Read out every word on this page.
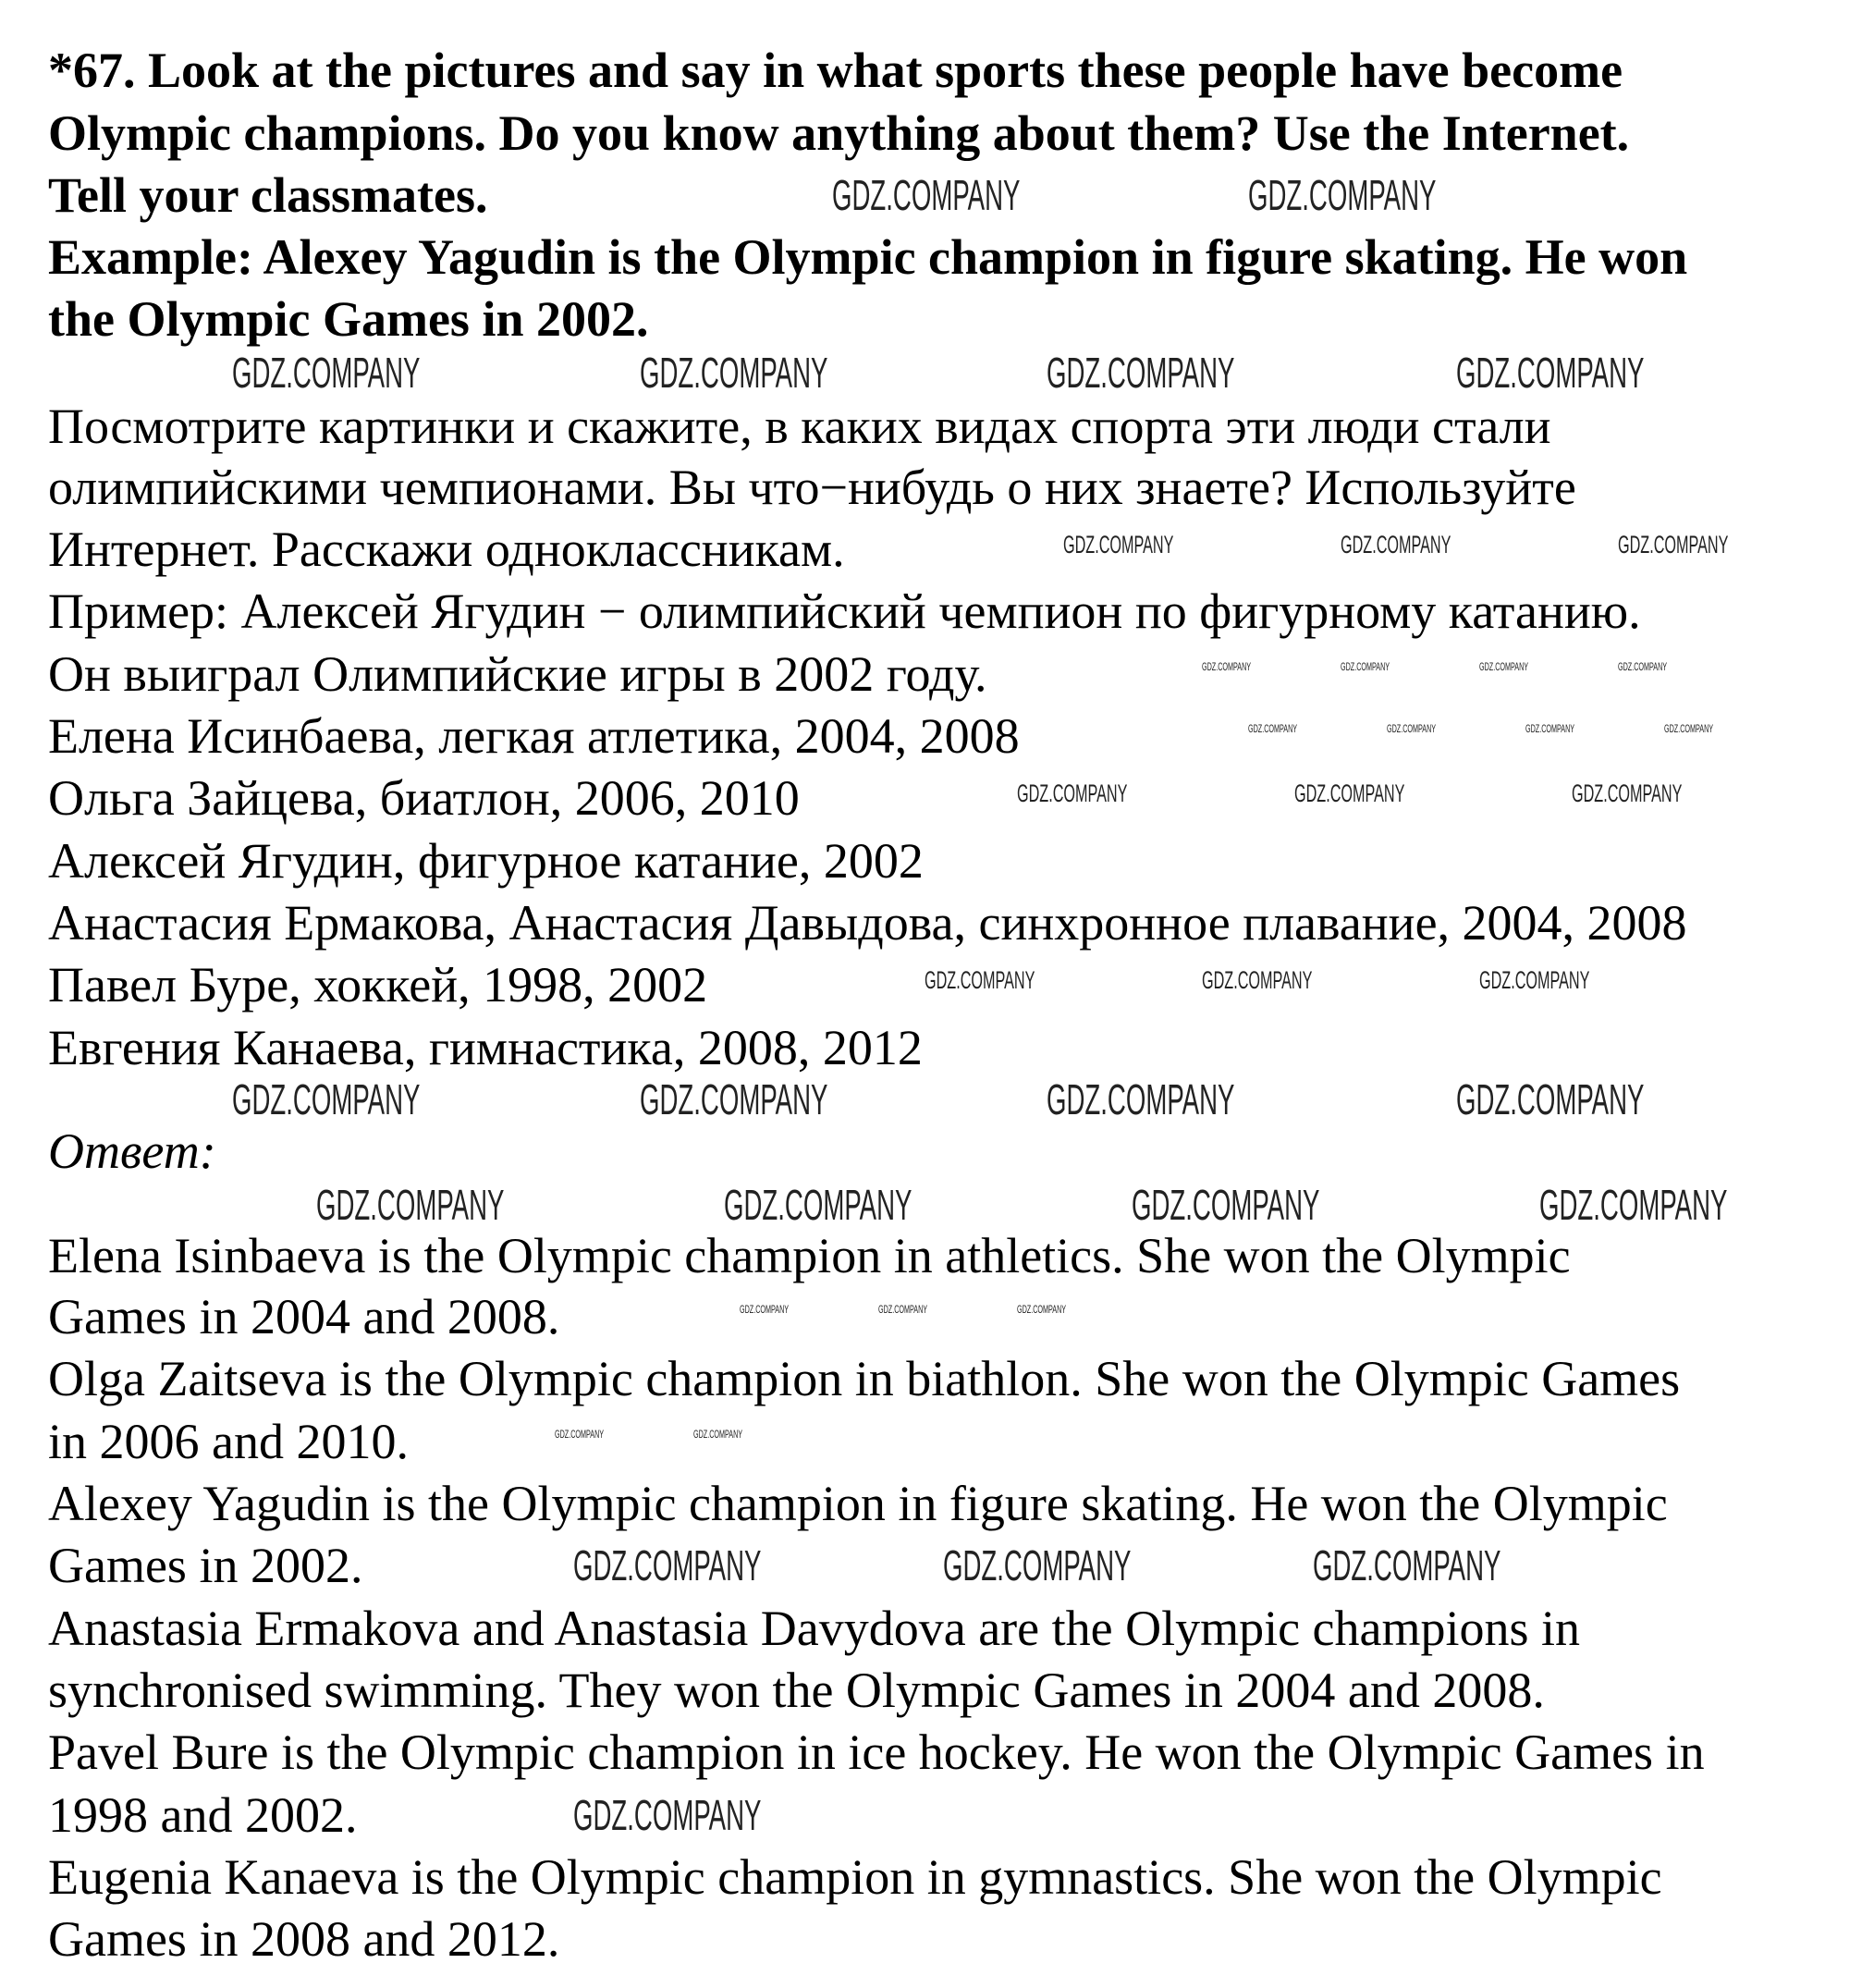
Ответ:
*67. Look at the pictures and say in what sports these people have become
Olympic champions. Do you know anything about them? Use the Internet.
Tell your classmates.
Example: Alexey Yagudin is the Olympic champion in figure skating. He won
the Olympic Games in 2002.
Посмотрите картинки и скажите, в каких видах спорта эти люди стали
олимпийскими чемпионами. Вы что−нибудь о них знаете? Используйте
Интернет. Расскажи одноклассникам.
Пример: Алексей Ягудин − олимпийский чемпион по фигурному катанию.
Он выиграл Олимпийские игры в 2002 году.
Елена Исинбаева, легкая атлетика, 2004, 2008
Ольга Зайцева, биатлон, 2006, 2010
Алексей Ягудин, фигурное катание, 2002
Анастасия Ермакова, Анастасия Давыдова, синхронное плавание, 2004, 2008
Павел Буре, хоккей, 1998, 2002
Евгения Канаева, гимнастика, 2008, 2012
Elena Isinbaeva is the Olympic champion in athletics. She won the Olympic
Games in 2004 and 2008.
Olga Zaitseva is the Olympic champion in biathlon. She won the Olympic Games
in 2006 and 2010.
Alexey Yagudin is the Olympic champion in figure skating. He won the Olympic
Games in 2002.
Anastasia Ermakova and Anastasia Davydova are the Olympic champions in
synchronised swimming. They won the Olympic Games in 2004 and 2008.
Pavel Bure is the Olympic champion in ice hockey. He won the Olympic Games in
1998 and 2002.
Eugenia Kanaeva is the Olympic champion in gymnastics. She won the Olympic
Games in 2008 and 2012.
GDZ.COMPANY	GDZ.COMPANY	GDZ.COMPANY	GDZ.COMPANY
GDZ.COMPANY	GDZ.COMPANY	GDZ.COMPANY	GDZ.COMPANY
GDZ.COMPANY	GDZ.COMPANY	GDZ.COMPANY	GDZ.COMPANY
GDZ.COMPANY	GDZ.COMPANY
GDZ.COMPANY	GDZ.COMPANY	GDZ.COMPANY
GDZ.COMPANY
GDZ.COMPANY	GDZ.COMPANY	GDZ.COMPANY
GDZ.COMPANY	GDZ.COMPANY	GDZ.COMPANY
GDZ.COMPANY	GDZ.COMPANY	GDZ.COMPANY
GDZ.COMPANY	GDZ.COMPANY	GDZ.COMPANY	GDZ.COMPANY
GDZ.COMPANY	GDZ.COMPANY	GDZ.COMPANY	GDZ.COMPANY
GDZ.COMPANY	GDZ.COMPANY	GDZ.COMPANY
GDZ.COMPANY	GDZ.COMPANY
